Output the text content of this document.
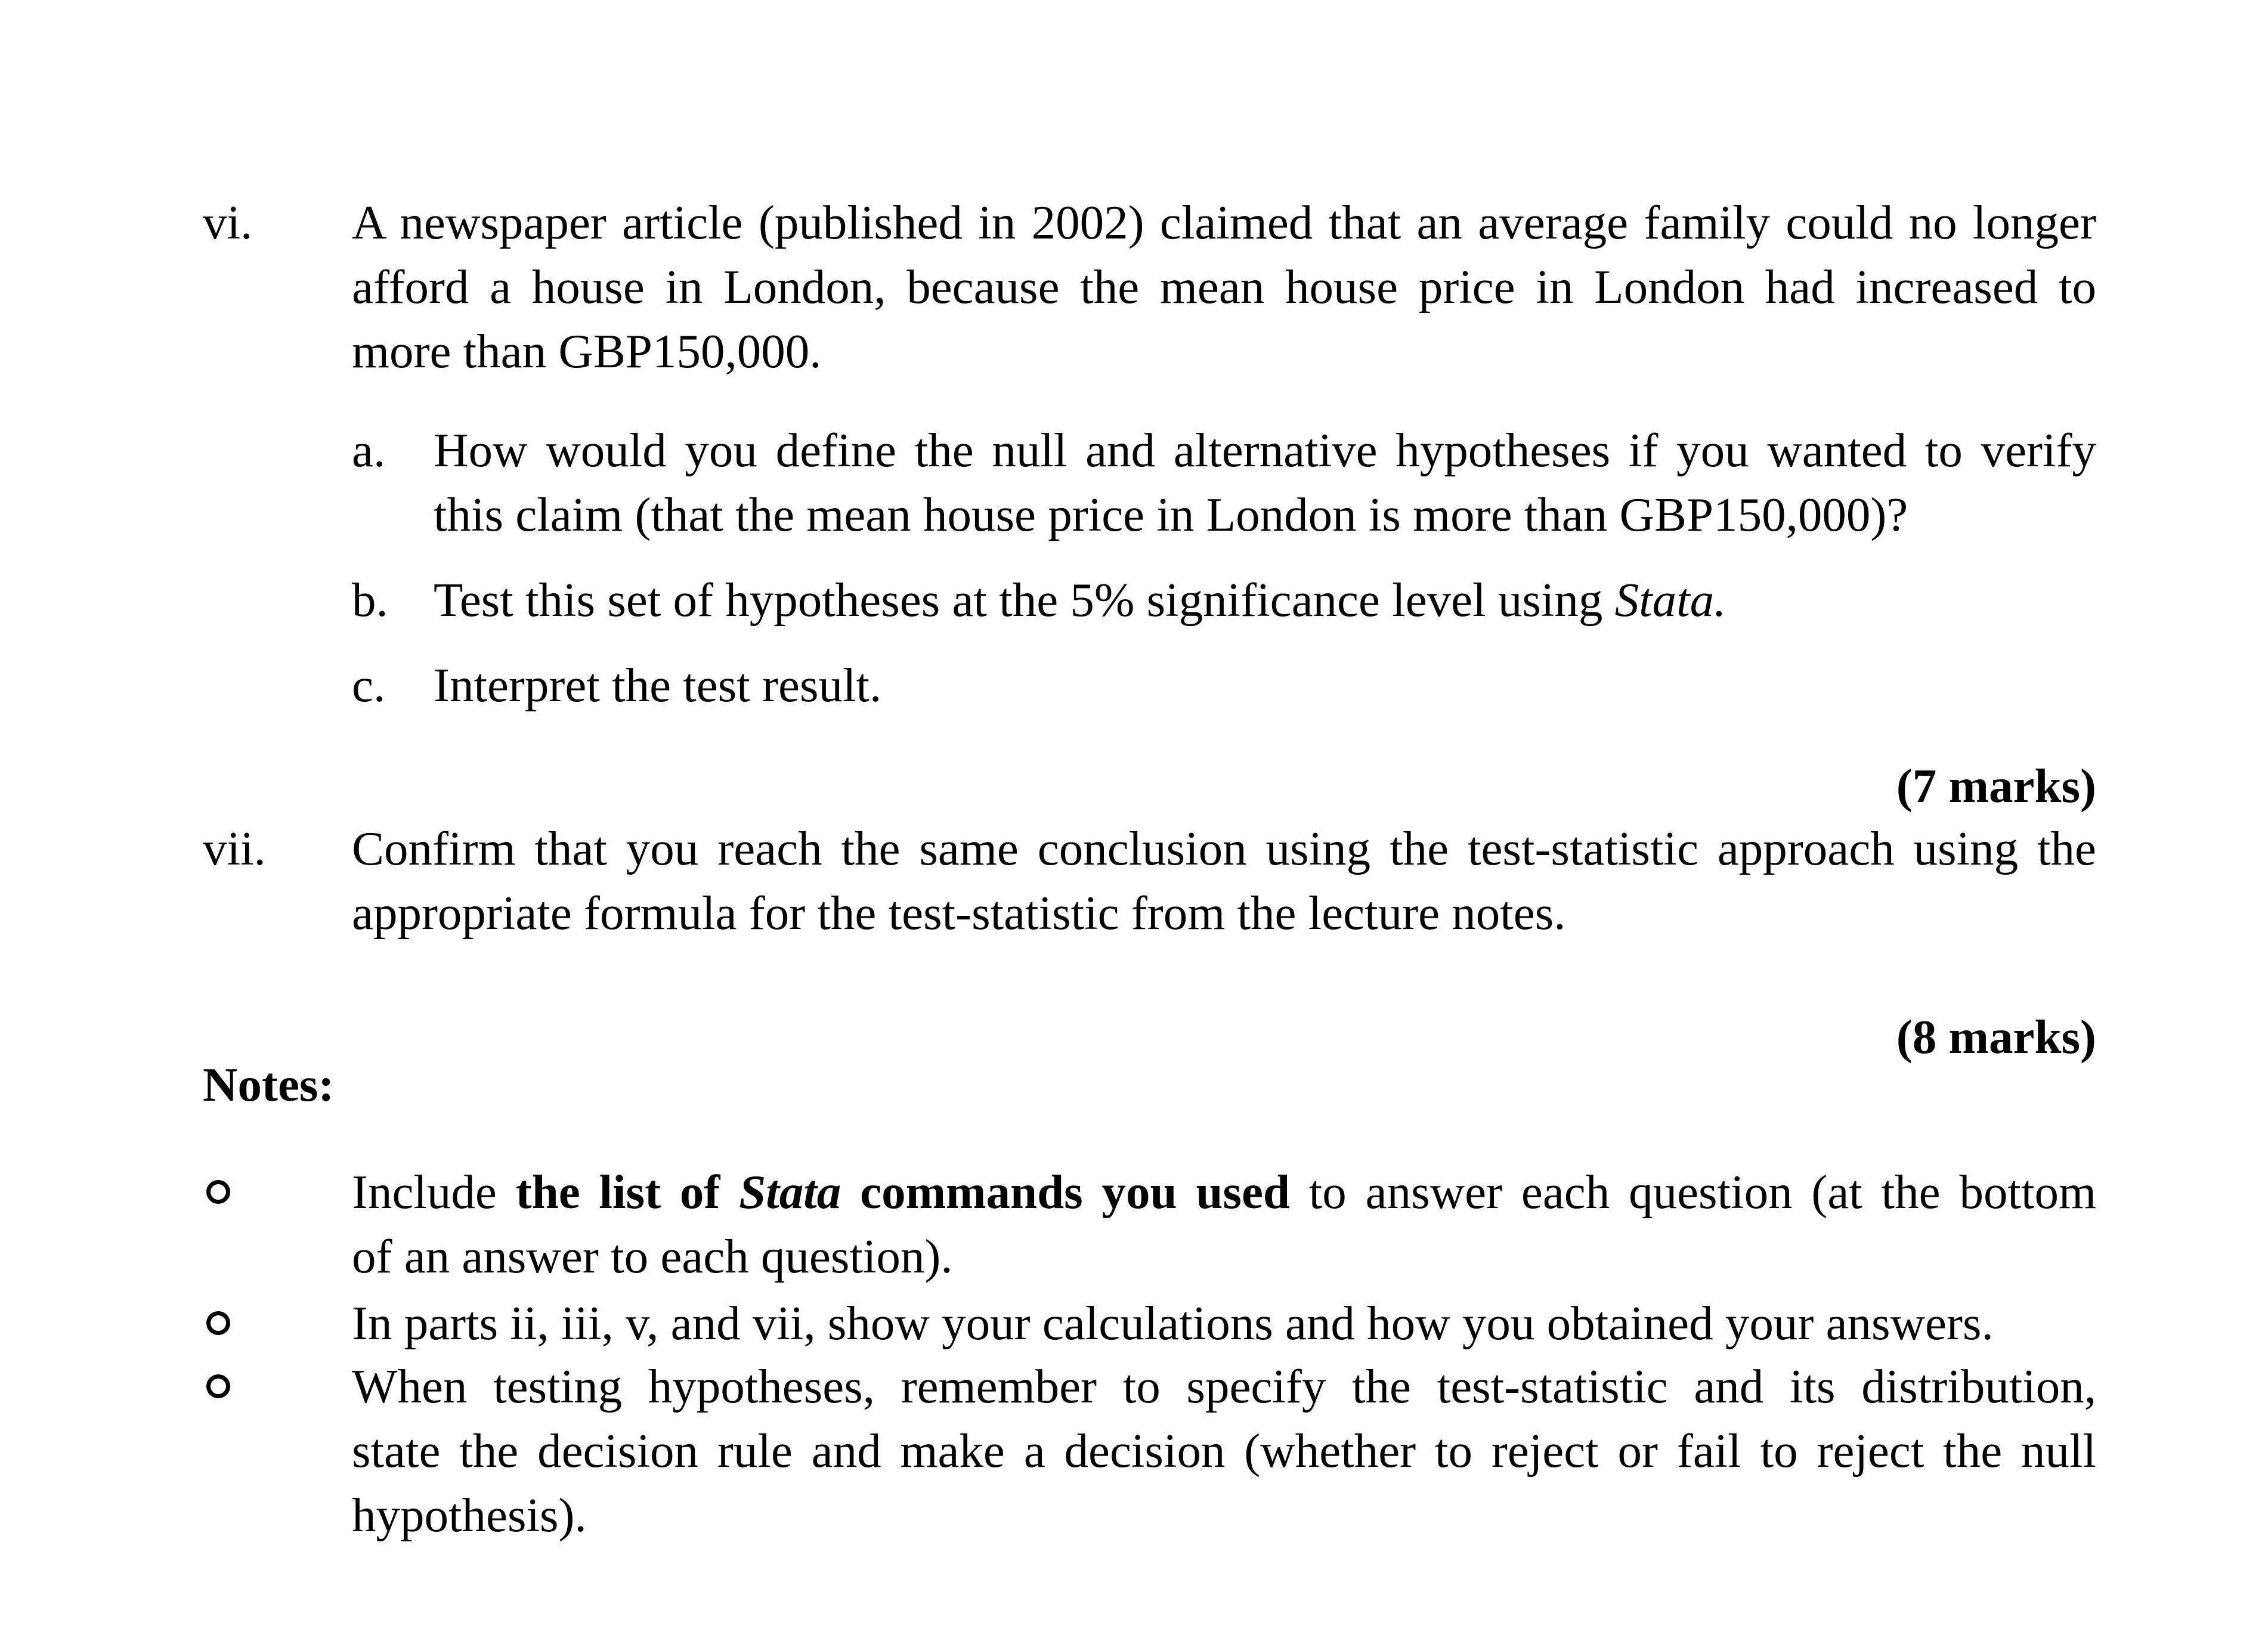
vi. A newspaper article (published in 2002) claimed that an average family could no longer
afford a house in London, because the mean house price in London had increased to
more than GBP150,000.
a. How would you define the null and alternative hypotheses if you wanted to verify
this claim (that the mean house price in London is more than GBP150,000)?
b. Test this set of hypotheses at the 5% significance level using Stata.
c. Interpret the test result.
(7 marks)
vii. Confirm that you reach the same conclusion using the test-statistic approach using the
appropriate formula for the test-statistic from the lecture notes.
(8 marks)
Notes:
Include the list of Stata commands you used to answer each question (at the bottom
of an answer to each question).
In parts ii, iii, v, and vii, show your calculations and how you obtained your answers.
When testing hypotheses, remember to specify the test-statistic and its distribution,
state the decision rule and make a decision (whether to reject or fail to reject the null
hypothesis).
